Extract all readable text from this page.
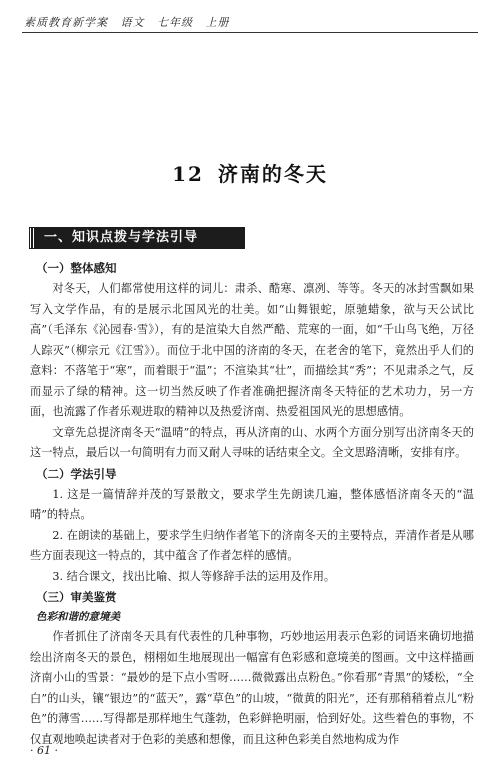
素质教育新学案 语文 七年级 上册
12 济南的冬天
一、知识点拨与学法引导
（一）整体感知

对冬天，人们都常使用这样的词儿：肃杀、酷寒、凛冽、等等。冬天的冰封雪飘如果写入文学作品，有的是展示北国风光的壮美。如“山舞银蛇，原驰蜡象，欲与天公试比高”（毛泽东《沁园春·雪》），有的是渲染大自然严酷、荒寒的一面，如“千山鸟飞绝，万径人踪灭”（柳宗元《江雪》）。而位于北中国的济南的冬天，在老舍的笔下，竟然出乎人们的意料：不落笔于“寒”，而着眼于“温”；不渲染其“壮”，而描绘其“秀”；不见肃杀之气，反而显示了绿的精神。这一切当然反映了作者准确把握济南冬天特征的艺术功力，另一方面，也流露了作者乐观进取的精神以及热爱济南、热爱祖国风光的思想感情。

文章先总提济南冬天“温晴”的特点，再从济南的山、水两个方面分别写出济南冬天的这一特点，最后以一句简明有力而又耐人寻味的话结束全文。全文思路清晰，安排有序。

（二）学法引导

1. 这是一篇情辞并茂的写景散文，要求学生先朗读几遍，整体感悟济南冬天的“温晴”的特点。

2. 在朗读的基础上，要求学生归纳作者笔下的济南冬天的主要特点，弄清作者是从哪些方面表现这一特点的，其中蕴含了作者怎样的感情。

3. 结合课文，找出比喻、拟人等修辞手法的运用及作用。

（三）审美鉴赏
色彩和谐的意境美

作者抓住了济南冬天具有代表性的几种事物，巧妙地运用表示色彩的词语来确切地描绘出济南冬天的景色，栩栩如生地展现出一幅富有色彩感和意境美的图画。文中这样描画济南小山的雪景：“最妙的是下点小雪呀……微微露出点粉色。”你看那“青黑”的矮松，“全白”的山头，镶“银边”的“蓝天”，露“草色”的山坡，“微黄的阳光”，还有那稍稍着点儿“粉色”的薄雪……写得都是那样地生气蓬勃，色彩鲜艳明丽，恰到好处。这些着色的事物，不仅直观地唤起读者对于色彩的美感和想像，而且这种色彩美自然地构成为作

· 61 ·
